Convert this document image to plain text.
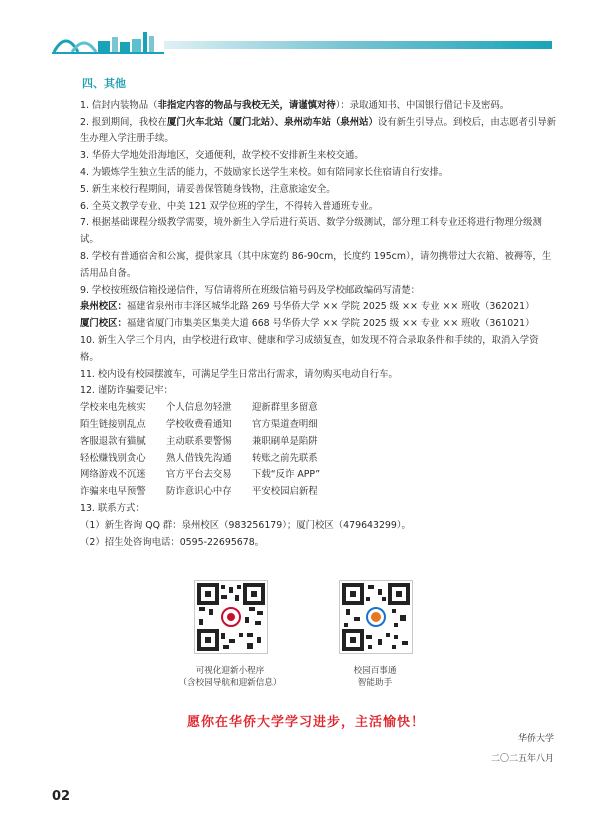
四、其他

1. 信封内装物品（非指定内容的物品与我校无关，请谨慎对待）：录取通知书、中国银行借记卡及密码。

2. 报到期间，我校在厦门火车北站（厦门北站）、泉州动车站（泉州站）设有新生引导点。到校后，由志愿者引导新生办理入学注册手续。

3. 华侨大学地处沿海地区，交通便利，故学校不安排新生来校交通。

4. 为锻炼学生独立生活的能力，不鼓励家长送学生来校。如有陪同家长住宿请自行安排。

5. 新生来校行程期间，请妥善保管随身钱物，注意旅途安全。

6. 全英文教学专业、中美 121 双学位班的学生，不得转入普通班专业。

7. 根据基础课程分级教学需要，境外新生入学后进行英语、数学分级测试，部分理工科专业还将进行物理分级测试。

8. 学校有普通宿舍和公寓，提供家具（其中床宽约 86-90cm，长度约 195cm），请勿携带过大衣箱、被褥等，生活用品自备。

9. 学校按班级信箱投递信件，写信请将所在班级信箱号码及学校邮政编码写清楚：

泉州校区：福建省泉州市丰泽区城华北路 269 号华侨大学 ×× 学院 2025 级 ×× 专业 ×× 班收（362021）

厦门校区：福建省厦门市集美区集美大道 668 号华侨大学 ×× 学院 2025 级 ×× 专业 ×× 班收（361021）

10. 新生入学三个月内，由学校进行政审、健康和学习成绩复查，如发现不符合录取条件和手续的，取消入学资格。

11. 校内设有校园摆渡车，可满足学生日常出行需求，请勿购买电动自行车。

12. 谨防诈骗要记牢：

学校来电先核实	个人信息勿轻泄	迎新群里多留意
陌生链接别乱点	学校收费看通知	官方渠道查明细
客服退款有猫腻	主动联系要警惕	兼职刷单是陷阱
轻松赚钱别贪心	熟人借钱先沟通	转账之前先联系
网络游戏不沉迷	官方平台去交易	下载“反诈 APP”
诈骗来电早预警	防诈意识心中存	平安校园启新程

13. 联系方式：

（1）新生咨询 QQ 群：泉州校区（983256179）；厦门校区（479643299）。

（2）招生处咨询电话：0595-22695678。

可视化迎新小程序
（含校园导航和迎新信息）
校园百事通
智能助手
愿你在华侨大学学习进步，主活愉快！
华侨大学
二〇二五年八月
02
